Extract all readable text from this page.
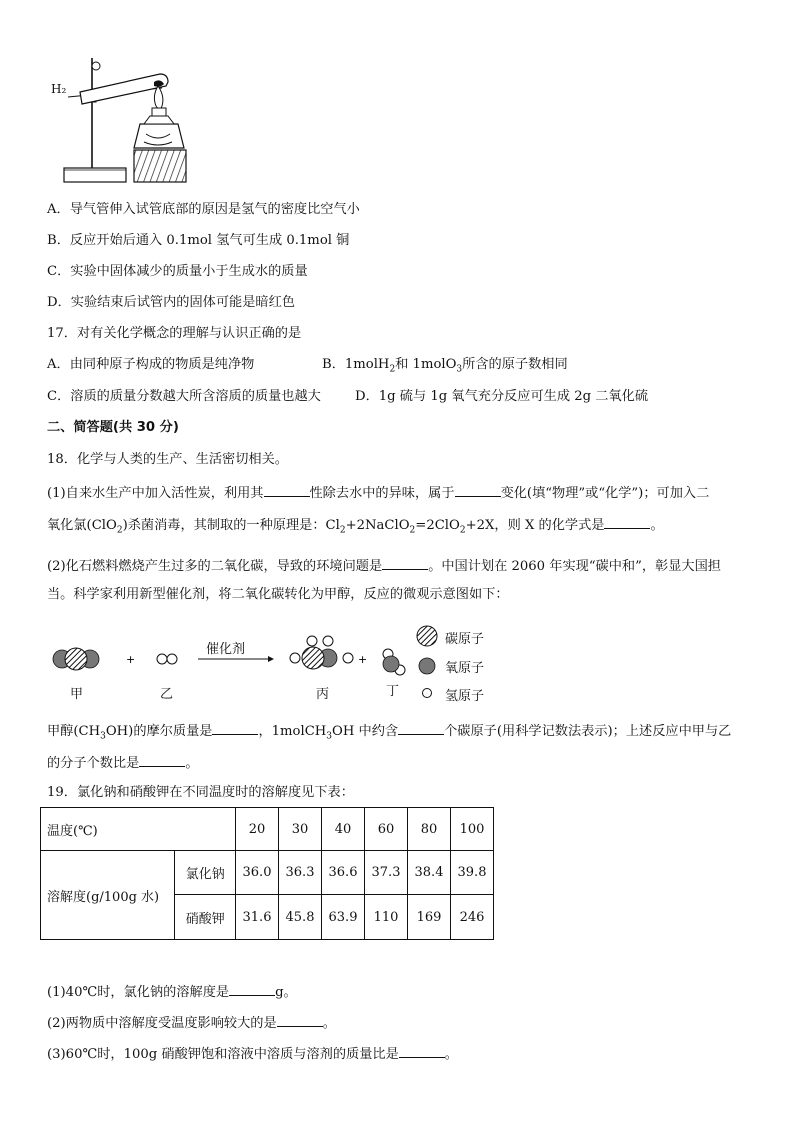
H₂
A．导气管伸入试管底部的原因是氢气的密度比空气小
B．反应开始后通入 0.1mol 氢气可生成 0.1mol 铜
C．实验中固体减少的质量小于生成水的质量
D．实验结束后试管内的固体可能是暗红色
17．对有关化学概念的理解与认识正确的是
A．由同种原子构成的物质是纯净物	B．1molH$_2$和 1molO$_3$所含的原子数相同
C．溶质的质量分数越大所含溶质的质量也越大	D．1g 硫与 1g 氧气充分反应可生成 2g 二氧化硫
二、简答题(共 30 分)
18．化学与人类的生产、生活密切相关。
(1)自来水生产中加入活性炭，利用其	性除去水中的异味，属于	变化(填“物理”或“化学”)；可加入二
氧化氯(ClO$_2$)杀菌消毒，其制取的一种原理是：$Cl_2+2NaClO_2=2ClO_2+2X$，则 X 的化学式是	。
(2)化石燃料燃烧产生过多的二氧化碳，导致的环境问题是	。中国计划在 2060 年实现“碳中和”，彰显大国担
当。科学家利用新型催化剂，将二氧化碳转化为甲醇，反应的微观示意图如下：
+	+
催化剂
甲	乙	丙	丁
碳原子
氧原子
氢原子
甲醇$(CH_3OH)$的摩尔质量是	，1molCH$_3$OH 中约含	个碳原子(用科学记数法表示)；上述反应中甲与乙
的分子个数比是	。
19．氯化钠和硝酸钾在不同温度时的溶解度见下表：
温度(℃)		20	30	40	60	80	100
溶解度(g/100g 水)	氯化钠	36.0	36.3	36.6	37.3	38.4	39.8
	硝酸钾	31.6	45.8	63.9	110	169	246
(1)40℃时，氯化钠的溶解度是	g。
(2)两物质中溶解度受温度影响较大的是	。
(3)60℃时，100g 硝酸钾饱和溶液中溶质与溶剂的质量比是	。
